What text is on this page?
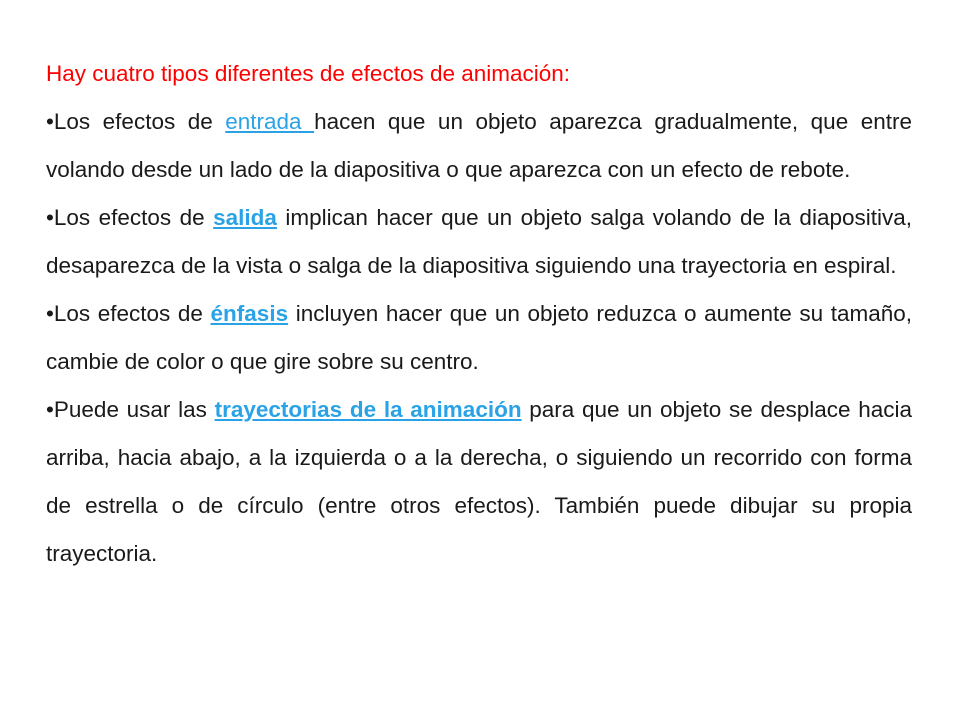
Hay cuatro tipos diferentes de efectos de animación:

•Los efectos de entrada hacen que un objeto aparezca gradualmente, que entre volando desde un lado de la diapositiva o que aparezca con un efecto de rebote.

•Los efectos de salida implican hacer que un objeto salga volando de la diapositiva, desaparezca de la vista o salga de la diapositiva siguiendo una trayectoria en espiral.

•Los efectos de énfasis incluyen hacer que un objeto reduzca o aumente su tamaño, cambie de color o que gire sobre su centro.

•Puede usar las trayectorias de la animación para que un objeto se desplace hacia arriba, hacia abajo, a la izquierda o a la derecha, o siguiendo un recorrido con forma de estrella o de círculo (entre otros efectos). También puede dibujar su propia trayectoria.
